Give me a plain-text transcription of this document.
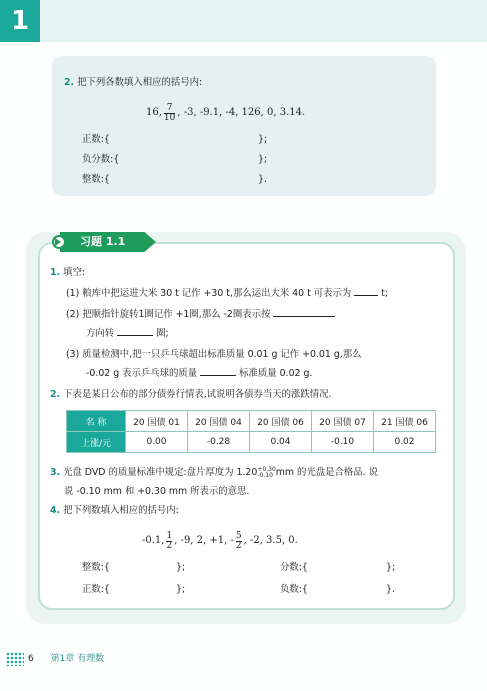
1
2. 把下列各数填入相应的括号内:
16, $\frac{7}{10}$ , -3, -9.1, -4, 126, 0, 3.14.
正数:{	};
负分数:{	};
整数:{	}.
习题 1.1
1. 填空:
(1) 粮库中把运进大米 30 t 记作 +30 t,那么运出大米 40 t 可表示为	t;
(2) 把顺指针旋转1圈记作 +1圈,那么 -2圈表示按
方向转	圈;
(3) 质量检测中,把一只乒乓球超出标准质量 0.01 g 记作 +0.01 g,那么
-0.02 g 表示乒乓球的质量	标准质量 0.02 g.
2. 下表是某日公布的部分债券行情表,试说明各债券当天的涨跌情况.
名 称	20 国债 01	20 国债 04	20 国债 06	20 国债 07	21 国债 06
上涨/元	0.00	-0.28	0.04	-0.10	0.02
3. 光盘 DVD 的质量标准中规定:盘片厚度为 1.20 +0.30
-0.10 mm 的光盘是合格品. 说
说 -0.10 mm 和 +0.30 mm 所表示的意思.
4. 把下列数填入相应的括号内:
-0.1, $\frac{1}{2}$ , -9, 2, +1, - $\frac{5}{2}$ , -2, 3.5, 0.
整数:{	};	分数:{	};
正数:{	};	负数:{	}.
6 第1章 有理数
